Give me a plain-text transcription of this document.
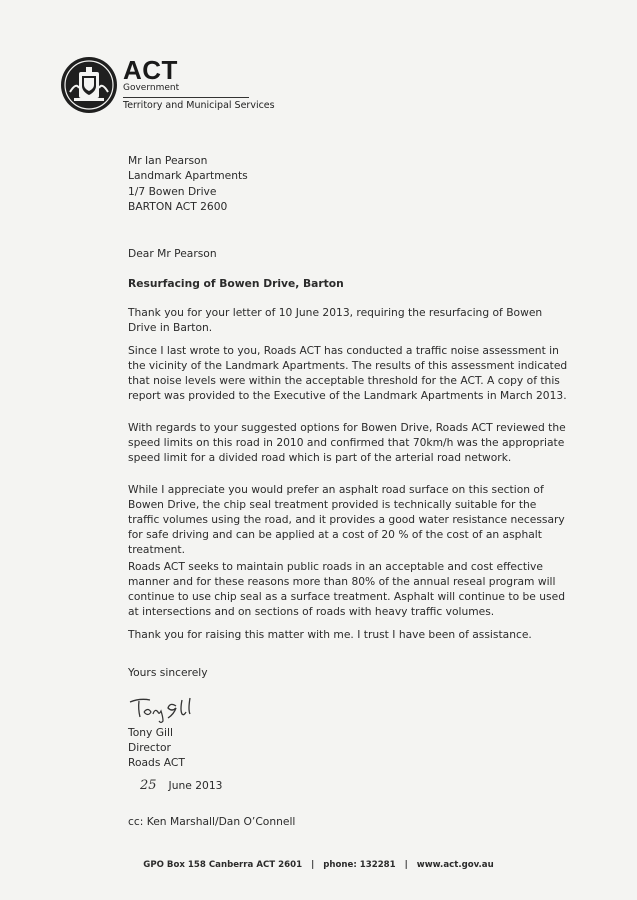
ACT
Government
Territory and Municipal Services
Mr Ian Pearson
Landmark Apartments
1/7 Bowen Drive
BARTON ACT 2600
Dear Mr Pearson
Resurfacing of Bowen Drive, Barton

Thank you for your letter of 10 June 2013, requiring the resurfacing of Bowen Drive in Barton.

Since I last wrote to you, Roads ACT has conducted a traffic noise assessment in the vicinity of the Landmark Apartments. The results of this assessment indicated that noise levels were within the acceptable threshold for the ACT. A copy of this report was provided to the Executive of the Landmark Apartments in March 2013.

With regards to your suggested options for Bowen Drive, Roads ACT reviewed the speed limits on this road in 2010 and confirmed that 70km/h was the appropriate speed limit for a divided road which is part of the arterial road network.

While I appreciate you would prefer an asphalt road surface on this section of Bowen Drive, the chip seal treatment provided is technically suitable for the traffic volumes using the road, and it provides a good water resistance necessary for safe driving and can be applied at a cost of 20 % of the cost of an asphalt treatment.

Roads ACT seeks to maintain public roads in an acceptable and cost effective manner and for these reasons more than 80% of the annual reseal program will continue to use chip seal as a surface treatment. Asphalt will continue to be used at intersections and on sections of roads with heavy traffic volumes.

Thank you for raising this matter with me. I trust I have been of assistance.

Yours sincerely
Tony Gill
Director
Roads ACT
25 June 2013
cc: Ken Marshall/Dan O’Connell
GPO Box 158 Canberra ACT 2601 | phone: 132281 | www.act.gov.au
